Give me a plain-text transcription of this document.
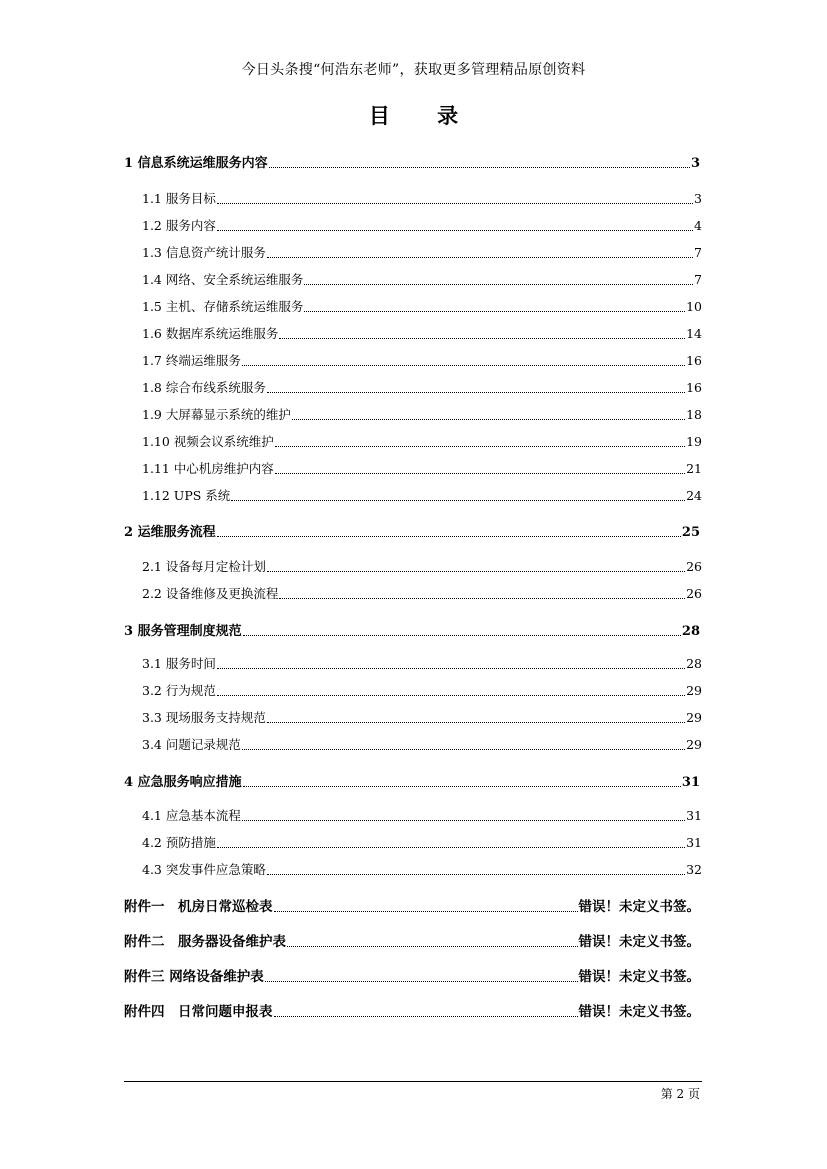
今日头条搜“何浩东老师”，获取更多管理精品原创资料
目 录
1 信息系统运维服务内容	3
1.1 服务目标	3
1.2 服务内容	4
1.3 信息资产统计服务	7
1.4 网络、安全系统运维服务	7
1.5 主机、存储系统运维服务	10
1.6 数据库系统运维服务	14
1.7 终端运维服务	16
1.8 综合布线系统服务	16
1.9 大屏幕显示系统的维护	18
1.10 视频会议系统维护	19
1.11 中心机房维护内容	21
1.12 UPS 系统	24
2 运维服务流程	25
2.1 设备每月定检计划	26
2.2 设备维修及更换流程	26
3 服务管理制度规范	28
3.1 服务时间	28
3.2 行为规范	29
3.3 现场服务支持规范	29
3.4 问题记录规范	29
4 应急服务响应措施	31
4.1 应急基本流程	31
4.2 预防措施	31
4.3 突发事件应急策略	32
附件一　机房日常巡检表	错误！未定义书签。
附件二　服务器设备维护表	错误！未定义书签。
附件三 网络设备维护表	错误！未定义书签。
附件四　日常问题申报表	错误！未定义书签。
第 2 页
